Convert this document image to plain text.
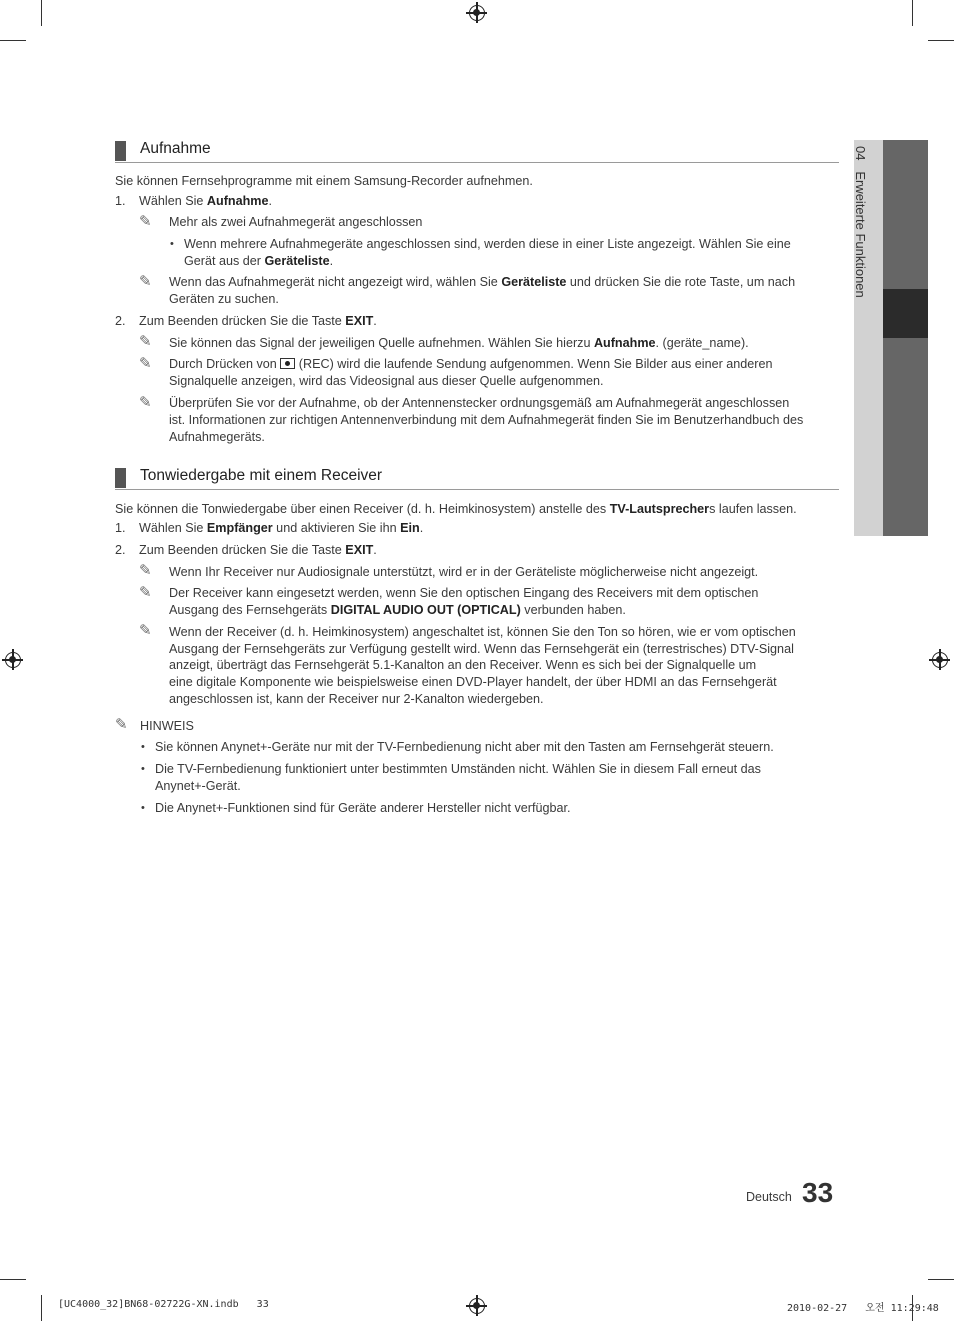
04   Erweiterte Funktionen
Aufnahme
Sie können Fernsehprogramme mit einem Samsung-Recorder aufnehmen.
1. Wählen Sie Aufnahme.
✎ Mehr als zwei Aufnahmegerät angeschlossen
• Wenn mehrere Aufnahmegeräte angeschlossen sind, werden diese in einer Liste angezeigt. Wählen Sie eine
Gerät aus der Geräteliste.
✎ Wenn das Aufnahmegerät nicht angezeigt wird, wählen Sie Geräteliste und drücken Sie die rote Taste, um nach
Geräten zu suchen.
2. Zum Beenden drücken Sie die Taste EXIT.
✎ Sie können das Signal der jeweiligen Quelle aufnehmen. Wählen Sie hierzu Aufnahme. (geräte_name).
✎ Durch Drücken von
(REC) wird die laufende Sendung aufgenommen. Wenn Sie Bilder aus einer anderen
Signalquelle anzeigen, wird das Videosignal aus dieser Quelle aufgenommen.
✎ Überprüfen Sie vor der Aufnahme, ob der Antennenstecker ordnungsgemäß am Aufnahmegerät angeschlossen
ist. Informationen zur richtigen Antennenverbindung mit dem Aufnahmegerät finden Sie im Benutzerhandbuch des
Aufnahmegeräts.
Tonwiedergabe mit einem Receiver
Sie können die Tonwiedergabe über einen Receiver (d. h. Heimkinosystem) anstelle des TV-Lautsprechers laufen lassen.
1. Wählen Sie Empfänger und aktivieren Sie ihn Ein.
2. Zum Beenden drücken Sie die Taste EXIT.
✎ Wenn Ihr Receiver nur Audiosignale unterstützt, wird er in der Geräteliste möglicherweise nicht angezeigt.
✎ Der Receiver kann eingesetzt werden, wenn Sie den optischen Eingang des Receivers mit dem optischen
Ausgang des Fernsehgeräts DIGITAL AUDIO OUT (OPTICAL) verbunden haben.
✎ Wenn der Receiver (d. h. Heimkinosystem) angeschaltet ist, können Sie den Ton so hören, wie er vom optischen
Ausgang der Fernsehgeräts zur Verfügung gestellt wird. Wenn das Fernsehgerät ein (terrestrisches) DTV-Signal
anzeigt, überträgt das Fernsehgerät 5.1-Kanalton an den Receiver. Wenn es sich bei der Signalquelle um
eine digitale Komponente wie beispielsweise einen DVD-Player handelt, der über HDMI an das Fernsehgerät
angeschlossen ist, kann der Receiver nur 2-Kanalton wiedergeben.
✎ HINWEIS
• Sie können Anynet+-Geräte nur mit der TV-Fernbedienung nicht aber mit den Tasten am Fernsehgerät steuern.
• Die TV-Fernbedienung funktioniert unter bestimmten Umständen nicht. Wählen Sie in diesem Fall erneut das
Anynet+-Gerät.
• Die Anynet+-Funktionen sind für Geräte anderer Hersteller nicht verfügbar.
Deutsch 33
[UC4000_32]BN68-02722G-XN.indb   33	2010-02-27   오전 11:29:48
